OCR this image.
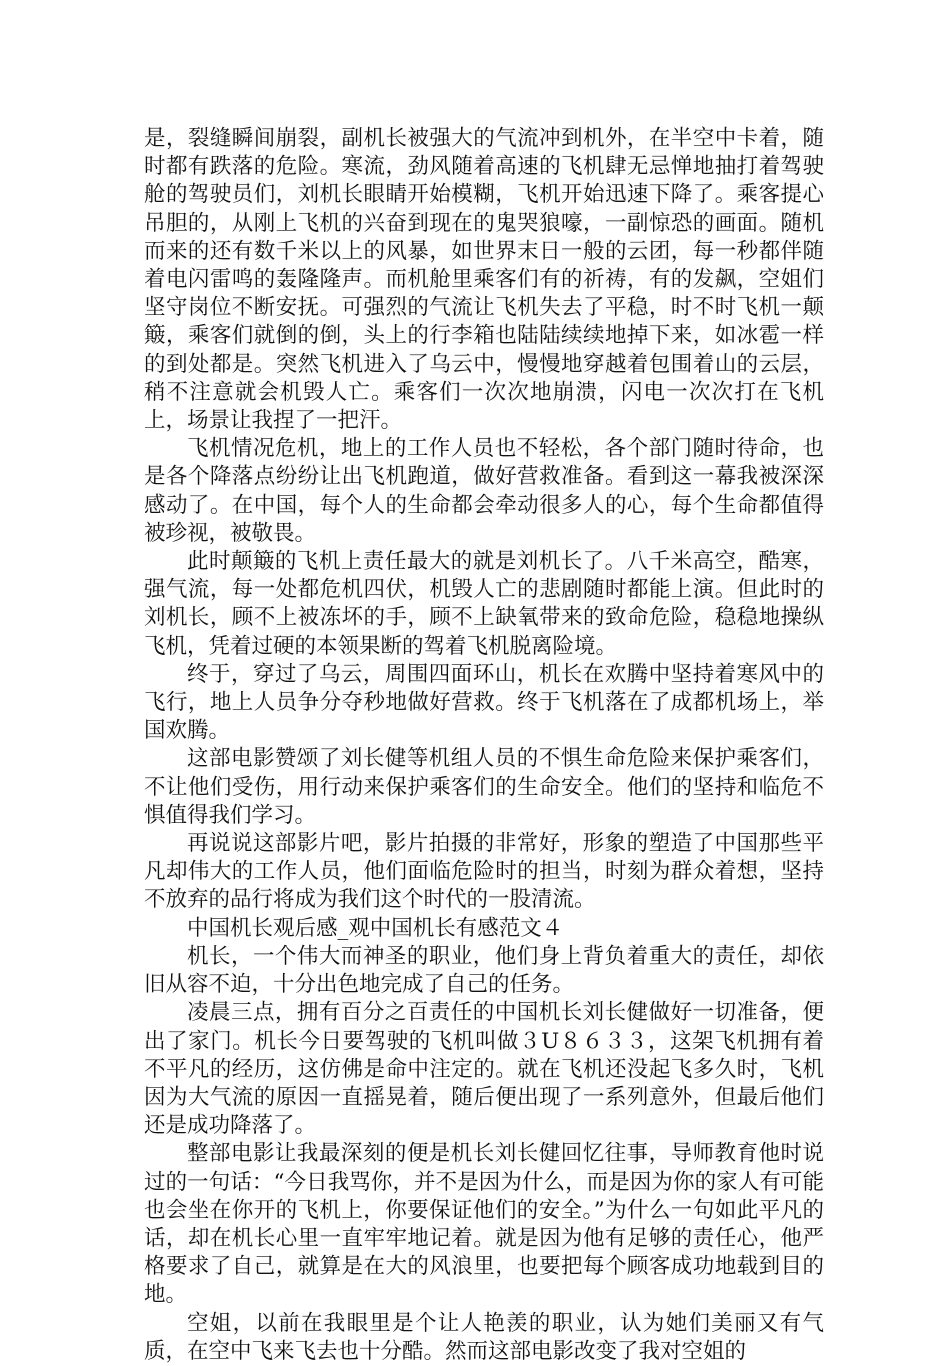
是，裂缝瞬间崩裂，副机长被强大的气流冲到机外，在半空中卡着，随时都有跌落的危险。寒流，劲风随着高速的飞机肆无忌惮地抽打着驾驶舱的驾驶员们，刘机长眼睛开始模糊，飞机开始迅速下降了。乘客提心吊胆的，从刚上飞机的兴奋到现在的鬼哭狼嚎，一副惊恐的画面。随机而来的还有数千米以上的风暴，如世界末日一般的云团，每一秒都伴随着电闪雷鸣的轰隆隆声。而机舱里乘客们有的祈祷，有的发飙，空姐们坚守岗位不断安抚。可强烈的气流让飞机失去了平稳，时不时飞机一颠簸，乘客们就倒的倒，头上的行李箱也陆陆续续地掉下来，如冰雹一样的到处都是。突然飞机进入了乌云中，慢慢地穿越着包围着山的云层，稍不注意就会机毁人亡。乘客们一次次地崩溃，闪电一次次打在飞机上，场景让我捏了一把汗。

飞机情况危机，地上的工作人员也不轻松，各个部门随时待命，也是各个降落点纷纷让出飞机跑道，做好营救准备。看到这一幕我被深深感动了。在中国，每个人的生命都会牵动很多人的心，每个生命都值得被珍视，被敬畏。

此时颠簸的飞机上责任最大的就是刘机长了。八千米高空，酷寒，强气流，每一处都危机四伏，机毁人亡的悲剧随时都能上演。但此时的刘机长，顾不上被冻坏的手，顾不上缺氧带来的致命危险，稳稳地操纵飞机，凭着过硬的本领果断的驾着飞机脱离险境。

终于，穿过了乌云，周围四面环山，机长在欢腾中坚持着寒风中的飞行，地上人员争分夺秒地做好营救。终于飞机落在了成都机场上，举国欢腾。

这部电影赞颂了刘长健等机组人员的不惧生命危险来保护乘客们，不让他们受伤，用行动来保护乘客们的生命安全。他们的坚持和临危不惧值得我们学习。

再说说这部影片吧，影片拍摄的非常好，形象的塑造了中国那些平凡却伟大的工作人员，他们面临危险时的担当，时刻为群众着想，坚持不放弃的品行将成为我们这个时代的一股清流。

中国机长观后感_观中国机长有感范文４

机长，一个伟大而神圣的职业，他们身上背负着重大的责任，却依旧从容不迫，十分出色地完成了自己的任务。

凌晨三点，拥有百分之百责任的中国机长刘长健做好一切准备，便出了家门。机长今日要驾驶的飞机叫做３U８６３３，这架飞机拥有着不平凡的经历，这仿佛是命中注定的。就在飞机还没起飞多久时，飞机因为大气流的原因一直摇晃着，随后便出现了一系列意外，但最后他们还是成功降落了。

整部电影让我最深刻的便是机长刘长健回忆往事，导师教育他时说过的一句话：“今日我骂你，并不是因为什么，而是因为你的家人有可能也会坐在你开的飞机上，你要保证他们的安全。”为什么一句如此平凡的话，却在机长心里一直牢牢地记着。就是因为他有足够的责任心，他严格要求了自己，就算是在大的风浪里，也要把每个顾客成功地载到目的地。

空姐，以前在我眼里是个让人艳羡的职业，认为她们美丽又有气质，在空中飞来飞去也十分酷。然而这部电影改变了我对空姐的
